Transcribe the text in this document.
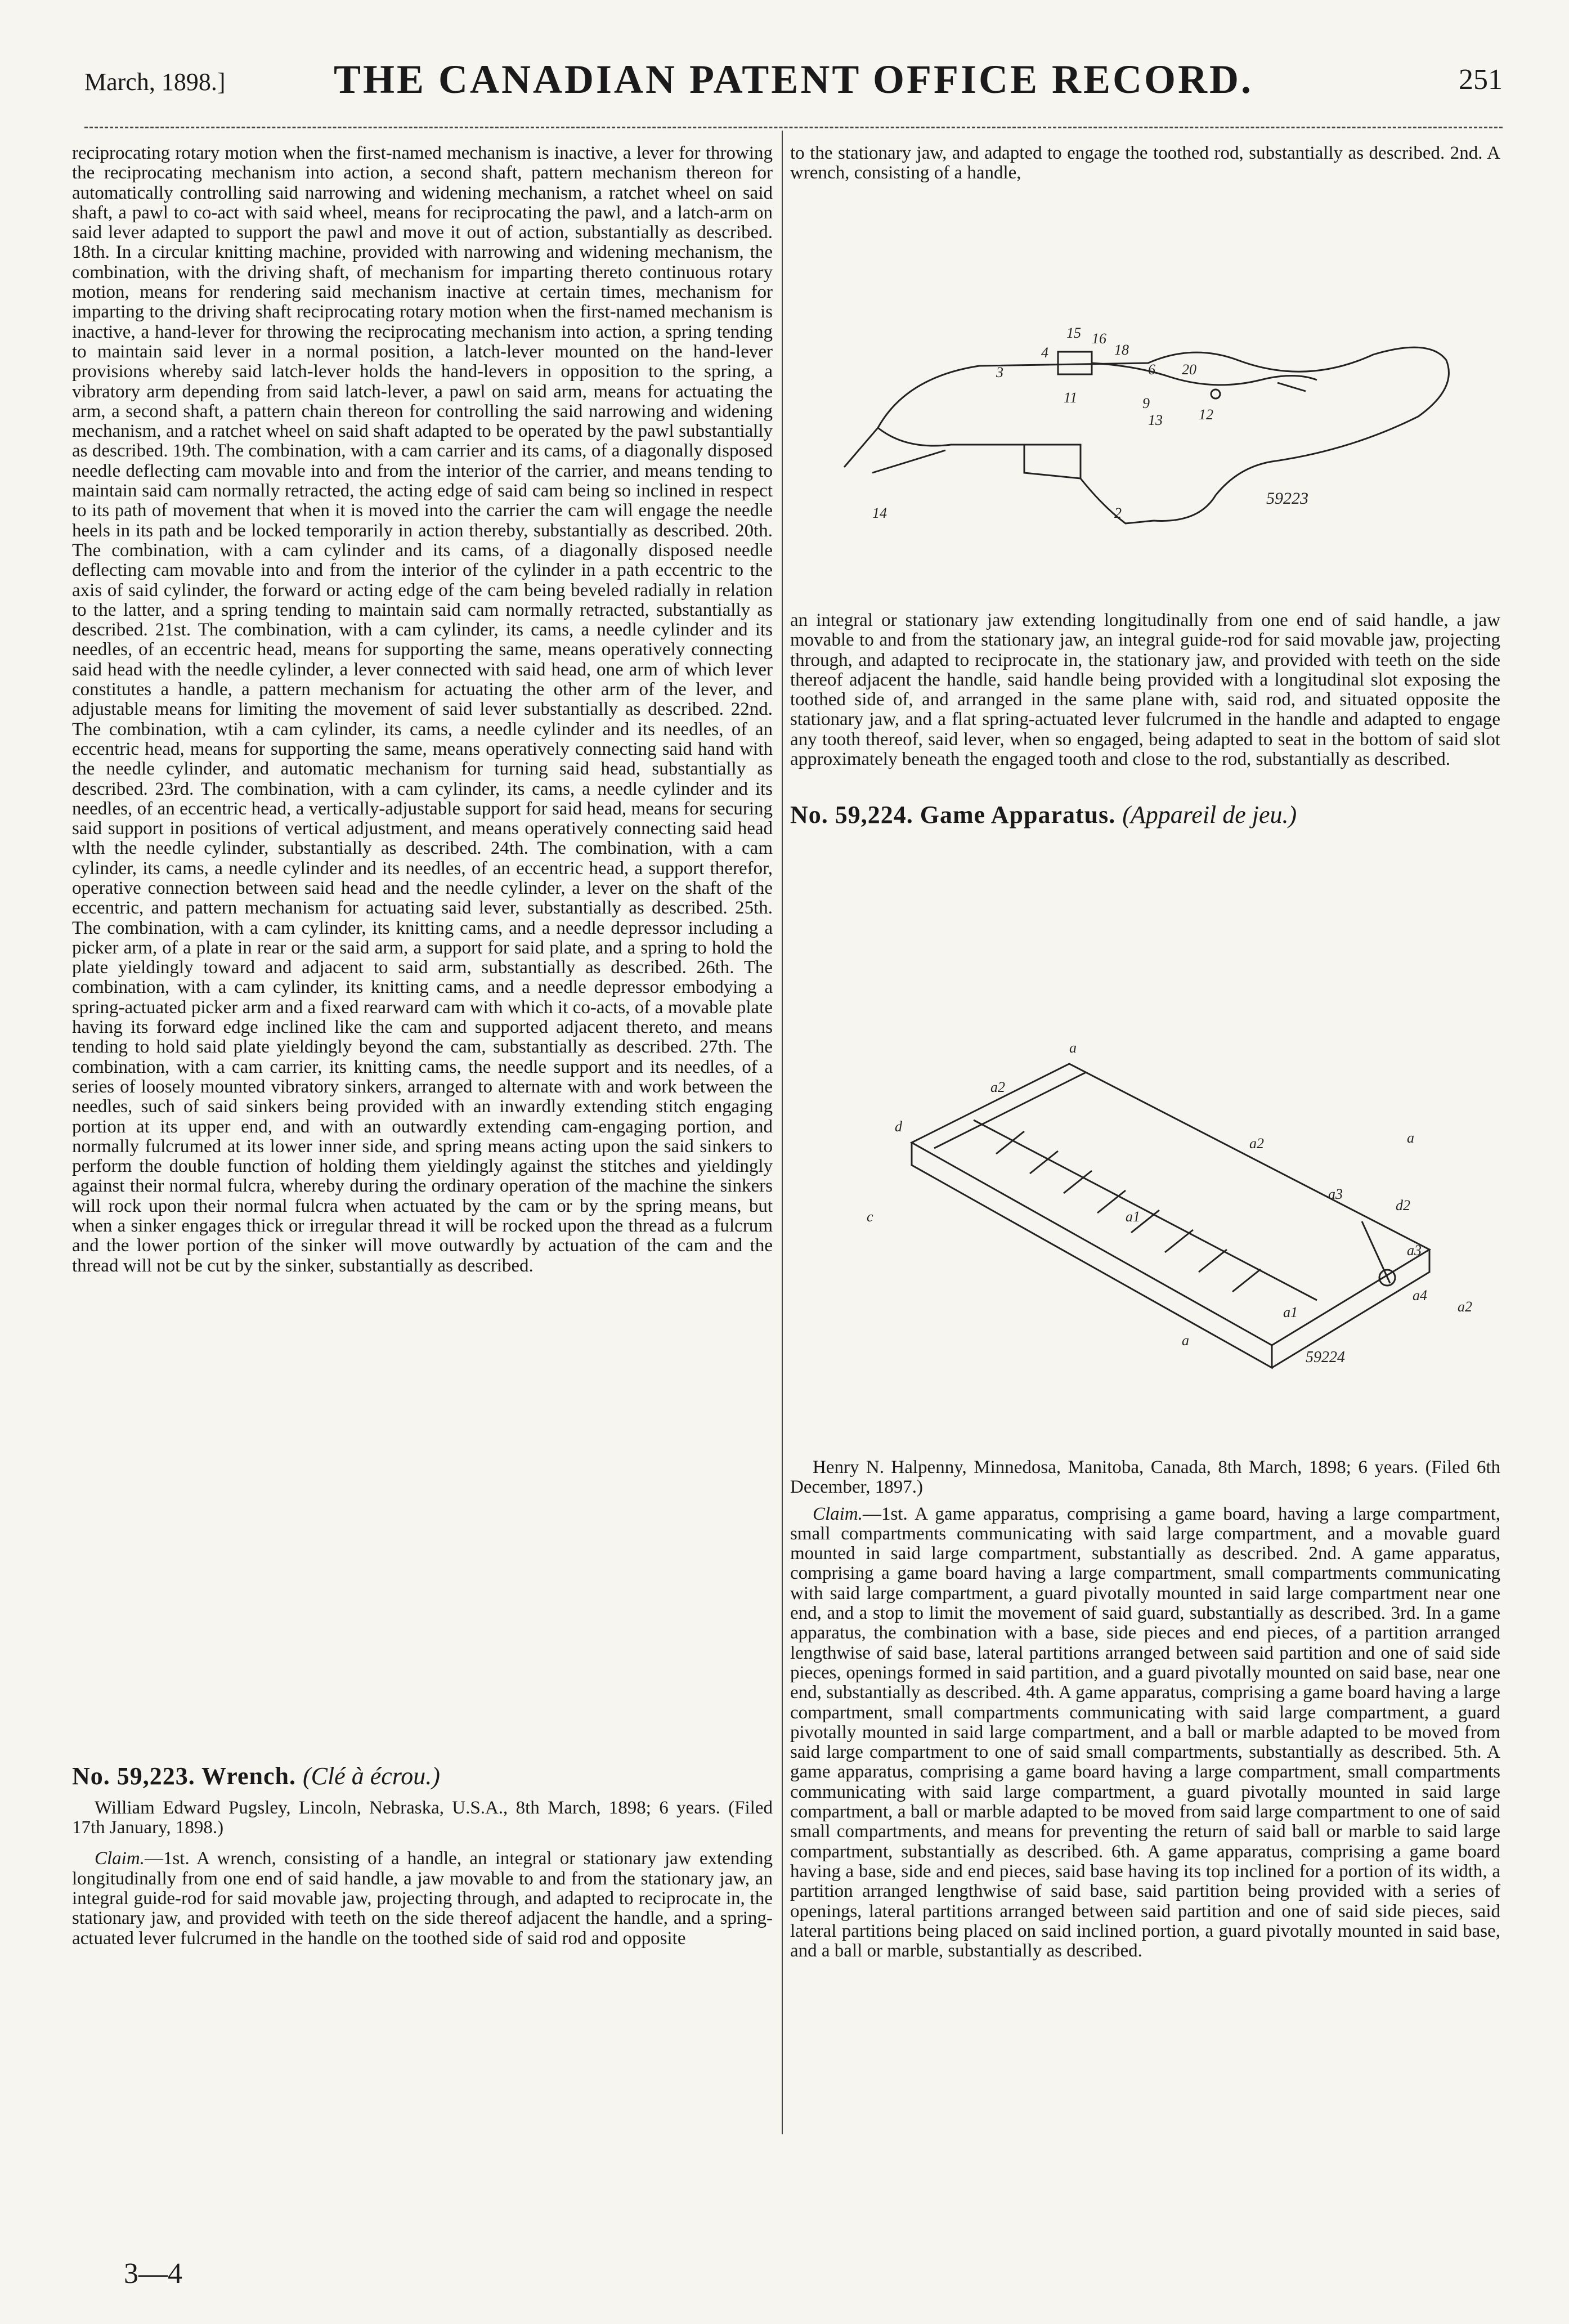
March, 1898.]	THE CANADIAN PATENT OFFICE RECORD.	251

reciprocating rotary motion when the first-named mechanism is inactive, a lever for throwing the reciprocating mechanism into action, a second shaft, pattern mechanism thereon for automatically controlling said narrowing and widening mechanism, a ratchet wheel on said shaft, a pawl to co-act with said wheel, means for reciprocating the pawl, and a latch-arm on said lever adapted to support the pawl and move it out of action, substantially as described. 18th. In a circular knitting machine, provided with narrowing and widening mechanism, the combination, with the driving shaft, of mechanism for imparting thereto continuous rotary motion, means for rendering said mechanism inactive at certain times, mechanism for imparting to the driving shaft reciprocating rotary motion when the first-named mechanism is inactive, a hand-lever for throwing the reciprocating mechanism into action, a spring tending to maintain said lever in a normal position, a latch-lever mounted on the hand-lever provisions whereby said latch-lever holds the hand-levers in opposition to the spring, a vibratory arm depending from said latch-lever, a pawl on said arm, means for actuating the arm, a second shaft, a pattern chain thereon for controlling the said narrowing and widening mechanism, and a ratchet wheel on said shaft adapted to be operated by the pawl substantially as described. 19th. The combination, with a cam carrier and its cams, of a diagonally disposed needle deflecting cam movable into and from the interior of the carrier, and means tending to maintain said cam normally retracted, the acting edge of said cam being so inclined in respect to its path of movement that when it is moved into the carrier the cam will engage the needle heels in its path and be locked temporarily in action thereby, substantially as described. 20th. The combination, with a cam cylinder and its cams, of a diagonally disposed needle deflecting cam movable into and from the interior of the cylinder in a path eccentric to the axis of said cylinder, the forward or acting edge of the cam being beveled radially in relation to the latter, and a spring tending to maintain said cam normally retracted, substantially as described. 21st. The combination, with a cam cylinder, its cams, a needle cylinder and its needles, of an eccentric head, means for supporting the same, means operatively connecting said head with the needle cylinder, a lever connected with said head, one arm of which lever constitutes a handle, a pattern mechanism for actuating the other arm of the lever, and adjustable means for limiting the movement of said lever substantially as described. 22nd. The combination, wtih a cam cylinder, its cams, a needle cylinder and its needles, of an eccentric head, means for supporting the same, means operatively connecting said hand with the needle cylinder, and automatic mechanism for turning said head, substantially as described. 23rd. The combination, with a cam cylinder, its cams, a needle cylinder and its needles, of an eccentric head, a vertically-adjustable support for said head, means for securing said support in positions of vertical adjustment, and means operatively connecting said head wlth the needle cylinder, substantially as described. 24th. The combination, with a cam cylinder, its cams, a needle cylinder and its needles, of an eccentric head, a support therefor, operative connection between said head and the needle cylinder, a lever on the shaft of the eccentric, and pattern mechanism for actuating said lever, substantially as described. 25th. The combination, with a cam cylinder, its knitting cams, and a needle depressor including a picker arm, of a plate in rear or the said arm, a support for said plate, and a spring to hold the plate yieldingly toward and adjacent to said arm, substantially as described. 26th. The combination, with a cam cylinder, its knitting cams, and a needle depressor embodying a spring-actuated picker arm and a fixed rearward cam with which it co-acts, of a movable plate having its forward edge inclined like the cam and supported adjacent thereto, and means tending to hold said plate yieldingly beyond the cam, substantially as described. 27th. The combination, with a cam carrier, its knitting cams, the needle support and its needles, of a series of loosely mounted vibratory sinkers, arranged to alternate with and work between the needles, such of said sinkers being provided with an inwardly extending stitch engaging portion at its upper end, and with an outwardly extending cam-engaging portion, and normally fulcrumed at its lower inner side, and spring means acting upon the said sinkers to perform the double function of holding them yieldingly against the stitches and yieldingly against their normal fulcra, whereby during the ordinary operation of the machine the sinkers will rock upon their normal fulcra when actuated by the cam or by the spring means, but when a sinker engages thick or irregular thread it will be rocked upon the thread as a fulcrum and the lower portion of the sinker will move outwardly by actuation of the cam and the thread will not be cut by the sinker, substantially as described.

No. 59,223. Wrench. (Clé à écrou.)

William Edward Pugsley, Lincoln, Nebraska, U.S.A., 8th March, 1898; 6 years. (Filed 17th January, 1898.)

Claim.—1st. A wrench, consisting of a handle, an integral or stationary jaw extending longitudinally from one end of said handle, a jaw movable to and from the stationary jaw, an integral guide-rod for said movable jaw, projecting through, and adapted to reciprocate in, the stationary jaw, and provided with teeth on the side thereof adjacent the handle, and a spring-actuated lever fulcrumed in the handle on the toothed side of said rod and opposite

3—4

to the stationary jaw, and adapted to engage the toothed rod, substantially as described. 2nd. A wrench, consisting of a handle,

15 16
18
4
3
11
6 20
9
13 12
14	2
59223

an integral or stationary jaw extending longitudinally from one end of said handle, a jaw movable to and from the stationary jaw, an integral guide-rod for said movable jaw, projecting through, and adapted to reciprocate in, the stationary jaw, and provided with teeth on the side thereof adjacent the handle, said handle being provided with a longitudinal slot exposing the toothed side of, and arranged in the same plane with, said rod, and situated opposite the stationary jaw, and a flat spring-actuated lever fulcrumed in the handle and adapted to engage any tooth thereof, said lever, when so engaged, being adapted to seat in the bottom of said slot approximately beneath the engaged tooth and close to the rod, substantially as described.

No. 59,224. Game Apparatus. (Appareil de jeu.)

a
d
a2
a
a2
c	a1
d2
a3
a4
a2
a
a1
a3
59224

Henry N. Halpenny, Minnedosa, Manitoba, Canada, 8th March, 1898; 6 years. (Filed 6th December, 1897.)

Claim.—1st. A game apparatus, comprising a game board, having a large compartment, small compartments communicating with said large compartment, and a movable guard mounted in said large compartment, substantially as described. 2nd. A game apparatus, comprising a game board having a large compartment, small compartments communicating with said large compartment, a guard pivotally mounted in said large compartment near one end, and a stop to limit the movement of said guard, substantially as described. 3rd. In a game apparatus, the combination with a base, side pieces and end pieces, of a partition arranged lengthwise of said base, lateral partitions arranged between said partition and one of said side pieces, openings formed in said partition, and a guard pivotally mounted on said base, near one end, substantially as described. 4th. A game apparatus, comprising a game board having a large compartment, small compartments communicating with said large compartment, a guard pivotally mounted in said large compartment, and a ball or marble adapted to be moved from said large compartment to one of said small compartments, substantially as described. 5th. A game apparatus, comprising a game board having a large compartment, small compartments communicating with said large compartment, a guard pivotally mounted in said large compartment, a ball or marble adapted to be moved from said large compartment to one of said small compartments, and means for preventing the return of said ball or marble to said large compartment, substantially as described. 6th. A game apparatus, comprising a game board having a base, side and end pieces, said base having its top inclined for a portion of its width, a partition arranged lengthwise of said base, said partition being provided with a series of openings, lateral partitions arranged between said partition and one of said side pieces, said lateral partitions being placed on said inclined portion, a guard pivotally mounted in said base, and a ball or marble, substantially as described.
